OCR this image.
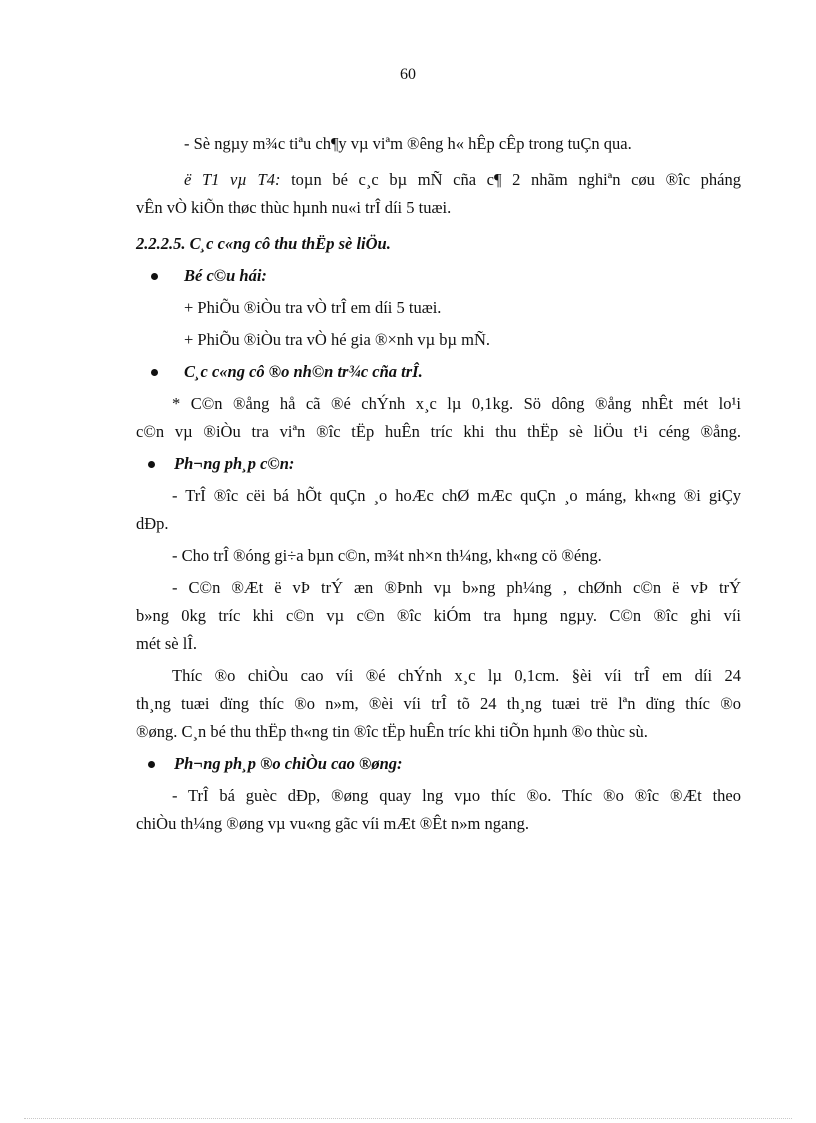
60
- Sè ngµy m¾c tiªu ch¶y vµ viªm ®êng h« hÊp cÊp trong tuÇn qua.
ë T1 vµ T4: toµn bé c¸c bµ mÑ cña c¶ 2 nhãm nghiªn cøu ®îc pháng
vÊn vÒ kiÕn thøc thùc hµnh nu«i trÎ díi 5 tuæi.
2.2.2.5. C¸c c«ng cô thu thËp sè liÖu.
Bé c©u hái:
+ PhiÕu ®iÒu tra vÒ trÎ em díi 5 tuæi.
+ PhiÕu ®iÒu tra vÒ hé gia ®×nh vµ bµ mÑ.
C¸c c«ng cô ®o nh©n tr¾c cña trÎ.
* C©n ®ång hå cã ®é chÝnh x¸c lµ 0,1kg. Sö dông ®ång nhÊt mét lo¹i
c©n vµ ®iÒu tra viªn ®îc tËp huÊn tríc khi thu thËp sè liÖu t¹i céng ®ång.
Ph¬ng ph¸p c©n:
- TrÎ ®îc cëi bá hÕt quÇn ¸o hoÆc chØ mÆc quÇn ¸o máng, kh«ng ®i giÇy
dÐp.
- Cho trÎ ®óng gi÷a bµn c©n, m¾t nh×n th¼ng, kh«ng cö ®éng.
- C©n ®Æt ë vÞ trÝ æn ®Þnh vµ b»ng ph¼ng , chØnh c©n ë vÞ trÝ
b»ng 0kg tríc khi c©n vµ c©n ®îc kiÓm tra hµng ngµy. C©n ®îc ghi víi
mét sè lÎ.
Thíc ®o chiÒu cao víi ®é chÝnh x¸c lµ 0,1cm. §èi víi trÎ em díi 24
th¸ng tuæi dïng thíc ®o n»m, ®èi víi trÎ tõ 24 th¸ng tuæi trë lªn dïng thíc ®o
®øng. C¸n bé thu thËp th«ng tin ®îc tËp huÊn tríc khi tiÕn hµnh ®o thùc sù.
Ph¬ng ph¸p ®o chiÒu cao ®øng:
- TrÎ bá guèc dÐp, ®øng quay lng vµo thíc ®o. Thíc ®o ®îc ®Æt theo
chiÒu th¼ng ®øng vµ vu«ng gãc víi mÆt ®Êt n»m ngang.
